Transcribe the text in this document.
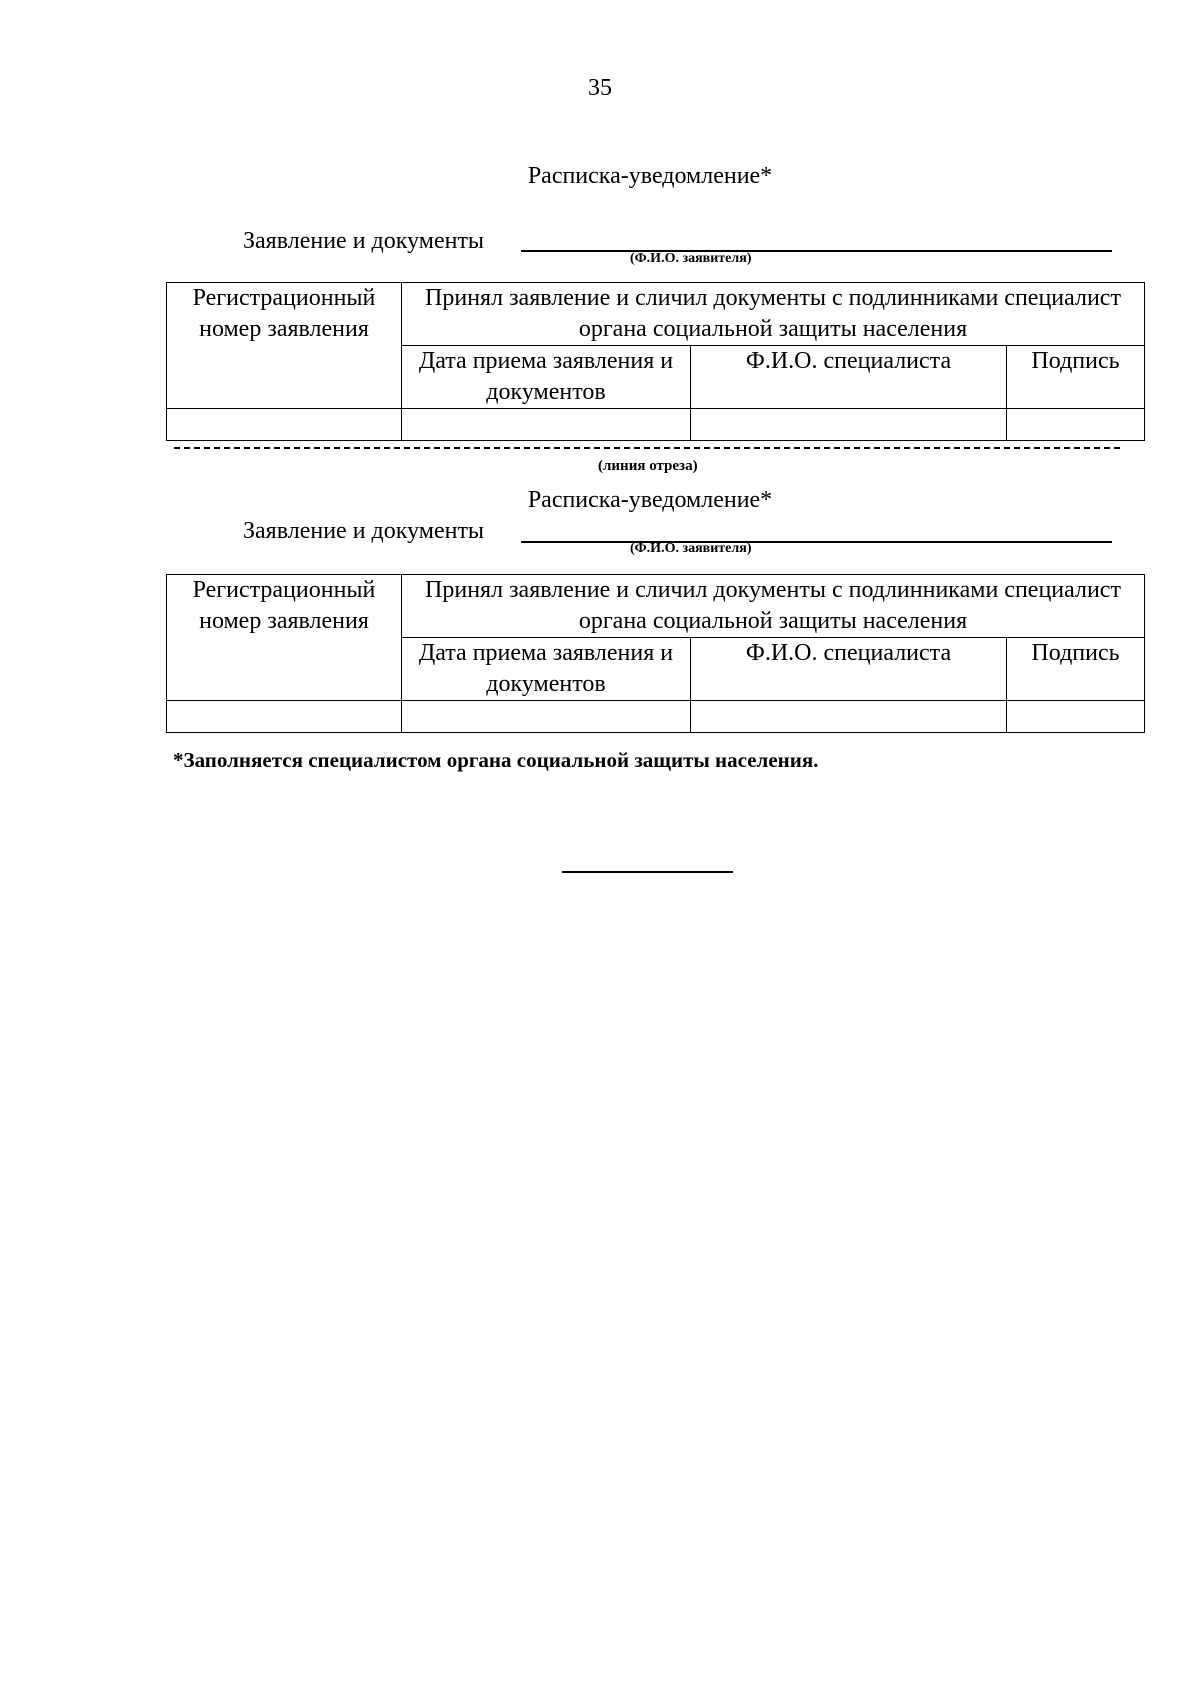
35
Расписка-уведомление*
Заявление и документы
(Ф.И.О. заявителя)
Регистрационный номер заявления	Принял заявление и сличил документы с подлинниками специалист органа социальной защиты населения		
	Дата приема заявления и документов	Ф.И.О. специалиста	Подпись

(линия отреза)
Расписка-уведомление*
Заявление и документы
(Ф.И.О. заявителя)
Регистрационный номер заявления	Принял заявление и сличил документы с подлинниками специалист органа социальной защиты населения		
	Дата приема заявления и документов	Ф.И.О. специалиста	Подпись

*Заполняется специалистом органа социальной защиты населения.
